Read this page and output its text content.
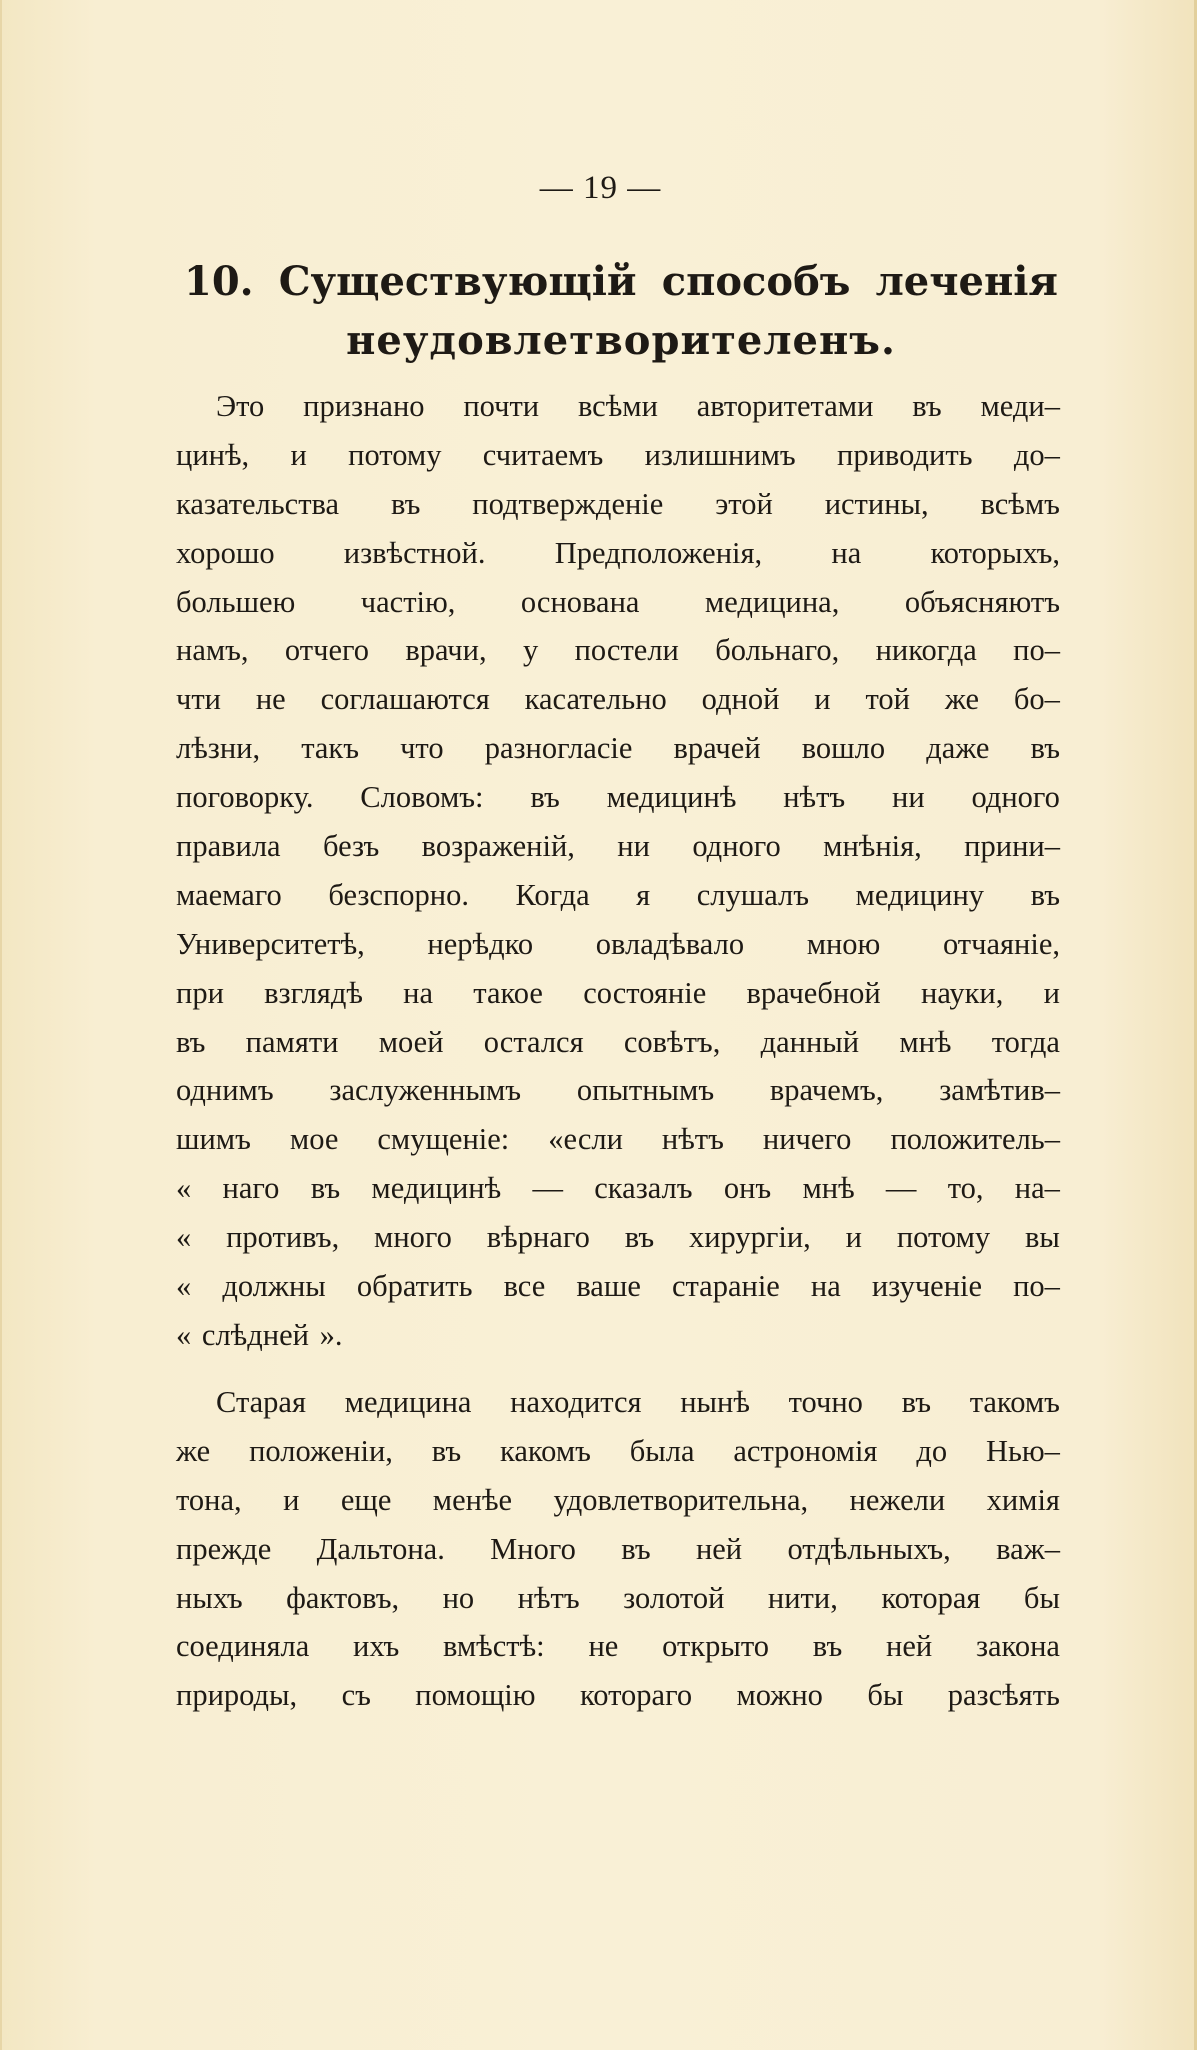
— 19 —
10. Существующій способъ леченія
неудовлетворителенъ.
Это признано почти всѣми авторитетами въ меди–
цинѣ, и потому считаемъ излишнимъ приводить до–
казательства въ подтвержденіе этой истины, всѣмъ
хорошо извѣстной. Предположенія, на которыхъ,
большею частію, основана медицина, объясняютъ
намъ, отчего врачи, у постели больнаго, никогда по–
чти не соглашаются касательно одной и той же бо–
лѣзни, такъ что разногласіе врачей вошло даже въ
поговорку. Словомъ: въ медицинѣ нѣтъ ни одного
правила безъ возраженій, ни одного мнѣнія, прини–
маемаго безспорно. Когда я слушалъ медицину въ
Университетѣ, нерѣдко овладѣвало мною отчаяніе,
при взглядѣ на такое состояніе врачебной науки, и
въ памяти моей остался совѣтъ, данный мнѣ тогда
однимъ заслуженнымъ опытнымъ врачемъ, замѣтив–
шимъ мое смущеніе: «если нѣтъ ничего положитель–
« наго въ медицинѣ — сказалъ онъ мнѣ — то, на–
« противъ, много вѣрнаго въ хирургіи, и потому вы
« должны обратить все ваше стараніе на изученіе по–
« слѣдней ».
Старая медицина находится нынѣ точно въ такомъ
же положеніи, въ какомъ была астрономія до Нью–
тона, и еще менѣе удовлетворительна, нежели химія
прежде Дальтона. Много въ ней отдѣльныхъ, важ–
ныхъ фактовъ, но нѣтъ золотой нити, которая бы
соединяла ихъ вмѣстѣ: не открыто въ ней закона
природы, съ помощію котораго можно бы разсѣять
